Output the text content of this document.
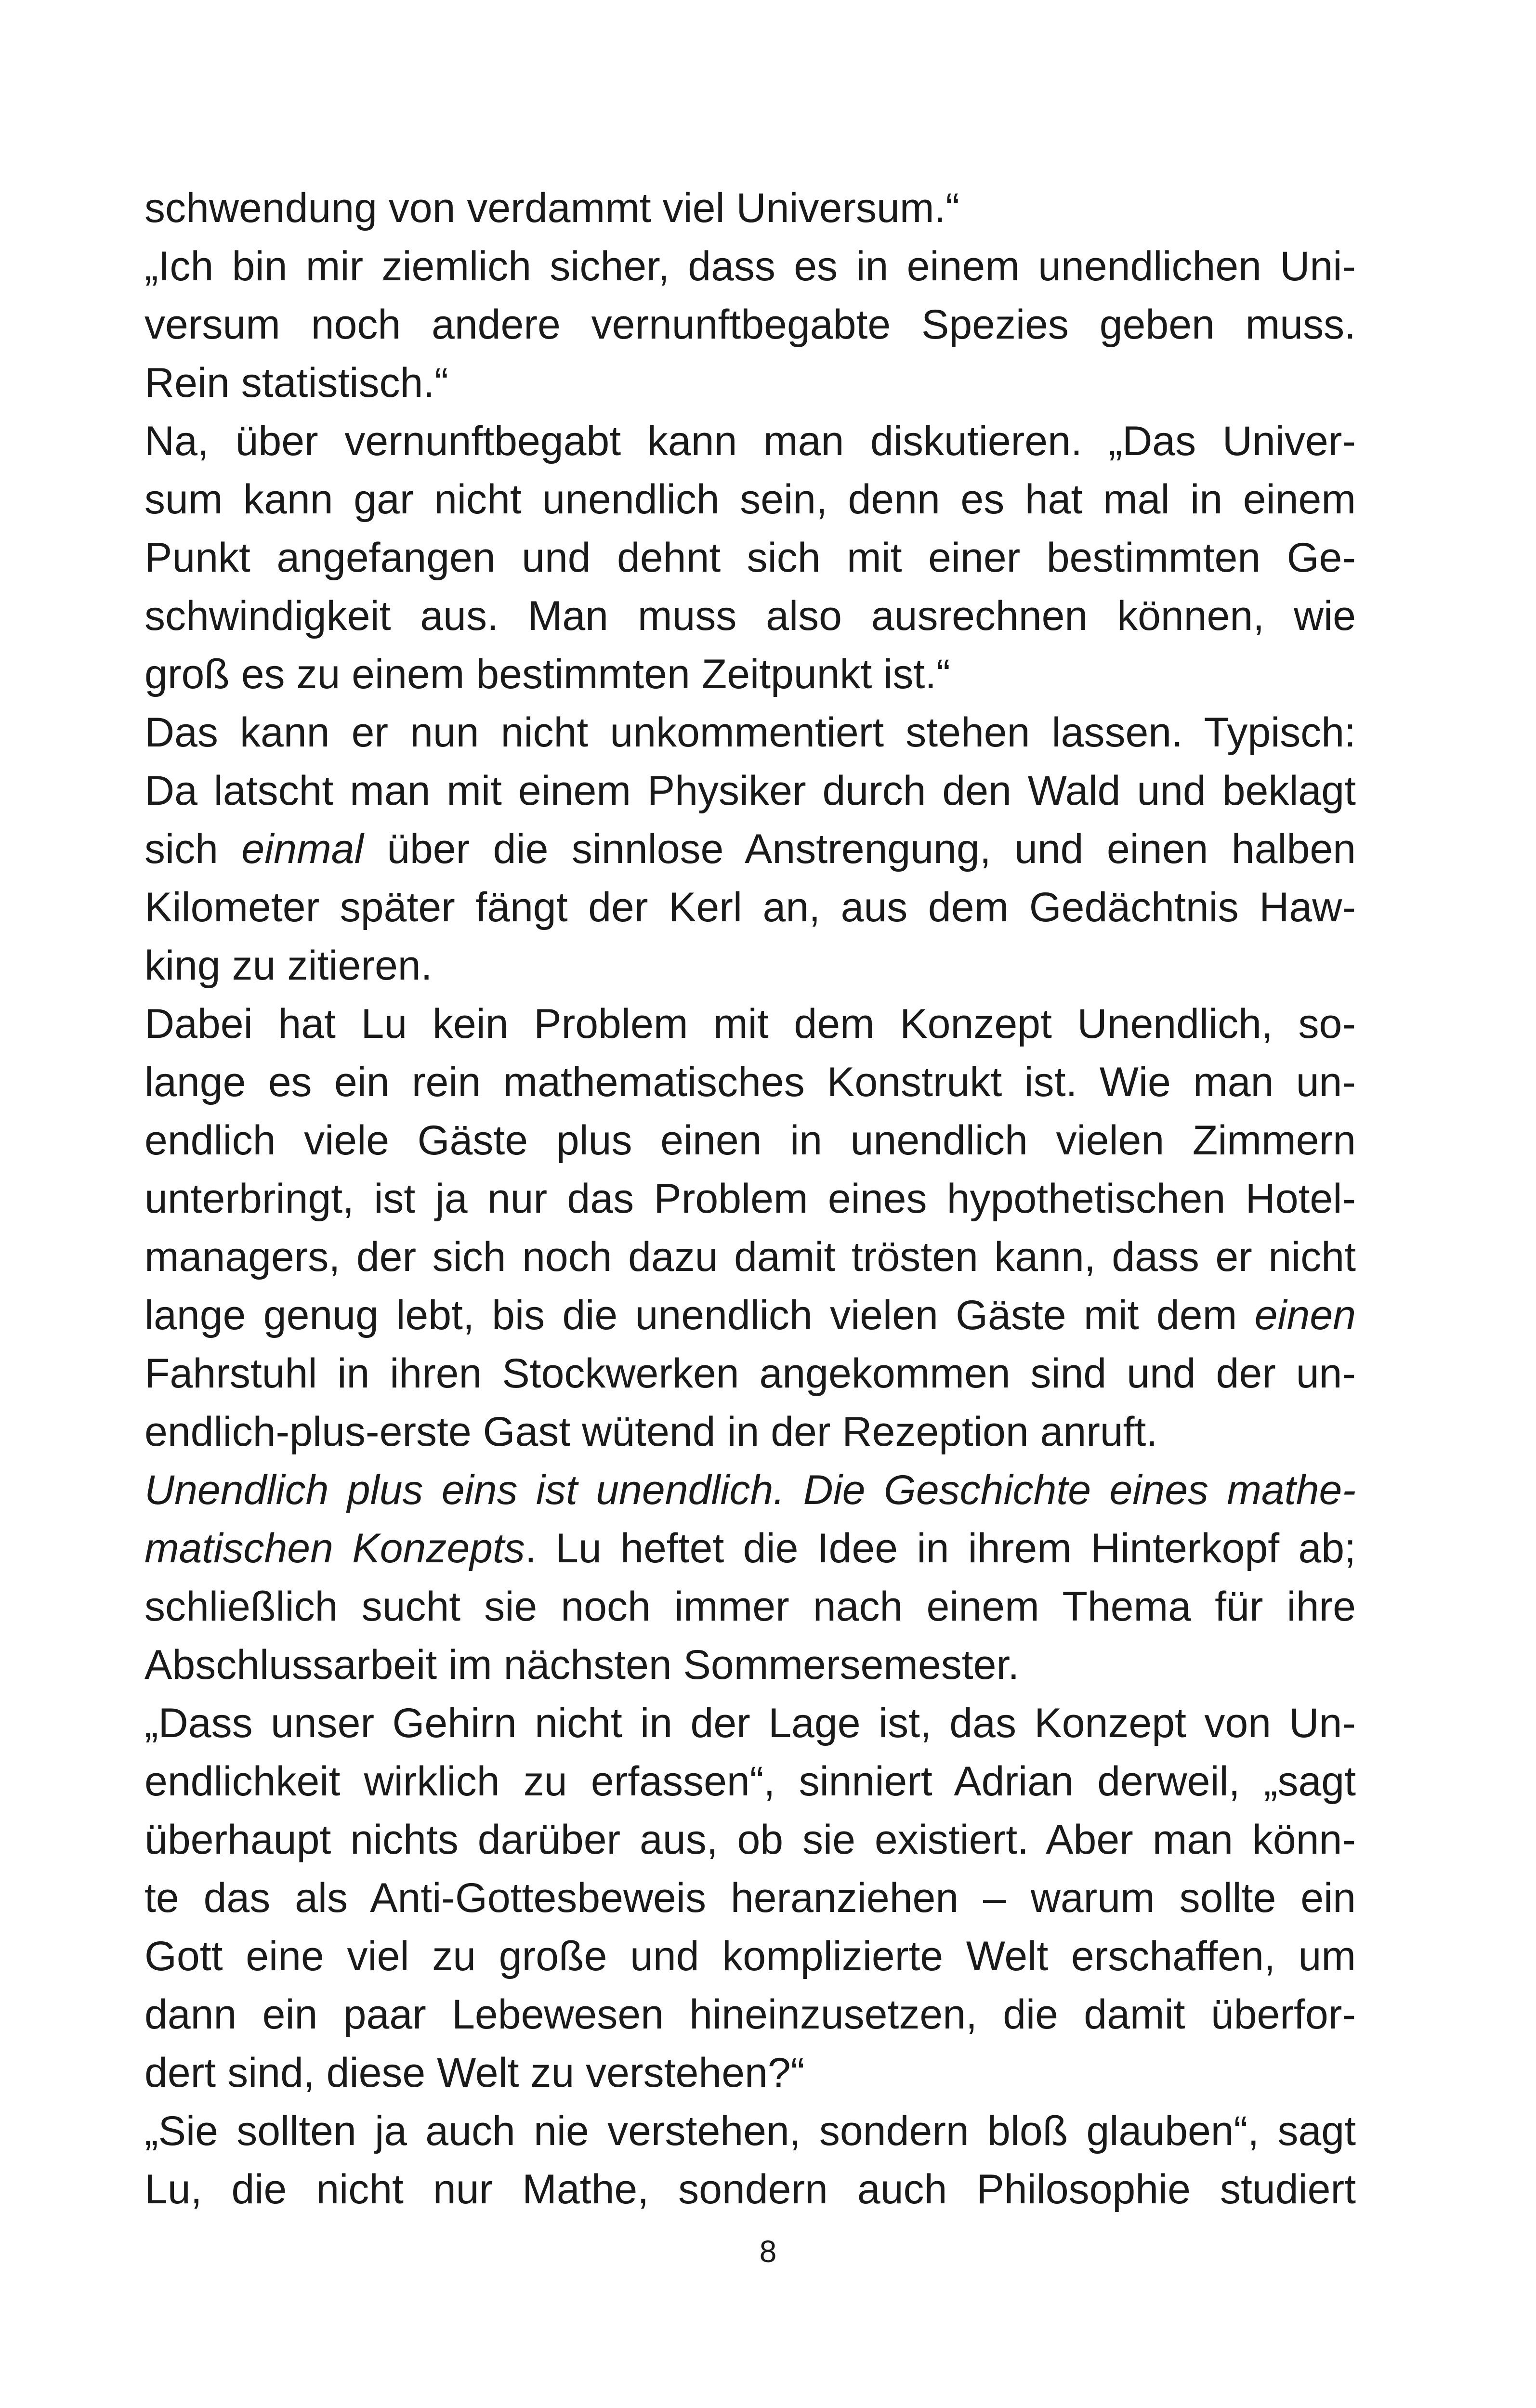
schwendung von verdammt viel Universum.“
„Ich bin mir ziemlich sicher, dass es in einem unendlichen Uni-
versum noch andere vernunftbegabte Spezies geben muss.
Rein statistisch.“
Na, über vernunftbegabt kann man diskutieren. „Das Univer-
sum kann gar nicht unendlich sein, denn es hat mal in einem
Punkt angefangen und dehnt sich mit einer bestimmten Ge-
schwindigkeit aus. Man muss also ausrechnen können, wie
groß es zu einem bestimmten Zeitpunkt ist.“
Das kann er nun nicht unkommentiert stehen lassen. Typisch:
Da latscht man mit einem Physiker durch den Wald und beklagt
sich einmal über die sinnlose Anstrengung, und einen halben
Kilometer später fängt der Kerl an, aus dem Gedächtnis Haw-
king zu zitieren.
Dabei hat Lu kein Problem mit dem Konzept Unendlich, so-
lange es ein rein mathematisches Konstrukt ist. Wie man un-
endlich viele Gäste plus einen in unendlich vielen Zimmern
unterbringt, ist ja nur das Problem eines hypothetischen Hotel-
managers, der sich noch dazu damit trösten kann, dass er nicht
lange genug lebt, bis die unendlich vielen Gäste mit dem einen
Fahrstuhl in ihren Stockwerken angekommen sind und der un-
endlich-plus-erste Gast wütend in der Rezeption anruft.
Unendlich plus eins ist unendlich. Die Geschichte eines mathe-
matischen Konzepts. Lu heftet die Idee in ihrem Hinterkopf ab;
schließlich sucht sie noch immer nach einem Thema für ihre
Abschlussarbeit im nächsten Sommersemester.
„Dass unser Gehirn nicht in der Lage ist, das Konzept von Un-
endlichkeit wirklich zu erfassen“, sinniert Adrian derweil, „sagt
überhaupt nichts darüber aus, ob sie existiert. Aber man könn-
te das als Anti-Gottesbeweis heranziehen – warum sollte ein
Gott eine viel zu große und komplizierte Welt erschaffen, um
dann ein paar Lebewesen hineinzusetzen, die damit überfor-
dert sind, diese Welt zu verstehen?“
„Sie sollten ja auch nie verstehen, sondern bloß glauben“, sagt
Lu, die nicht nur Mathe, sondern auch Philosophie studiert
8
